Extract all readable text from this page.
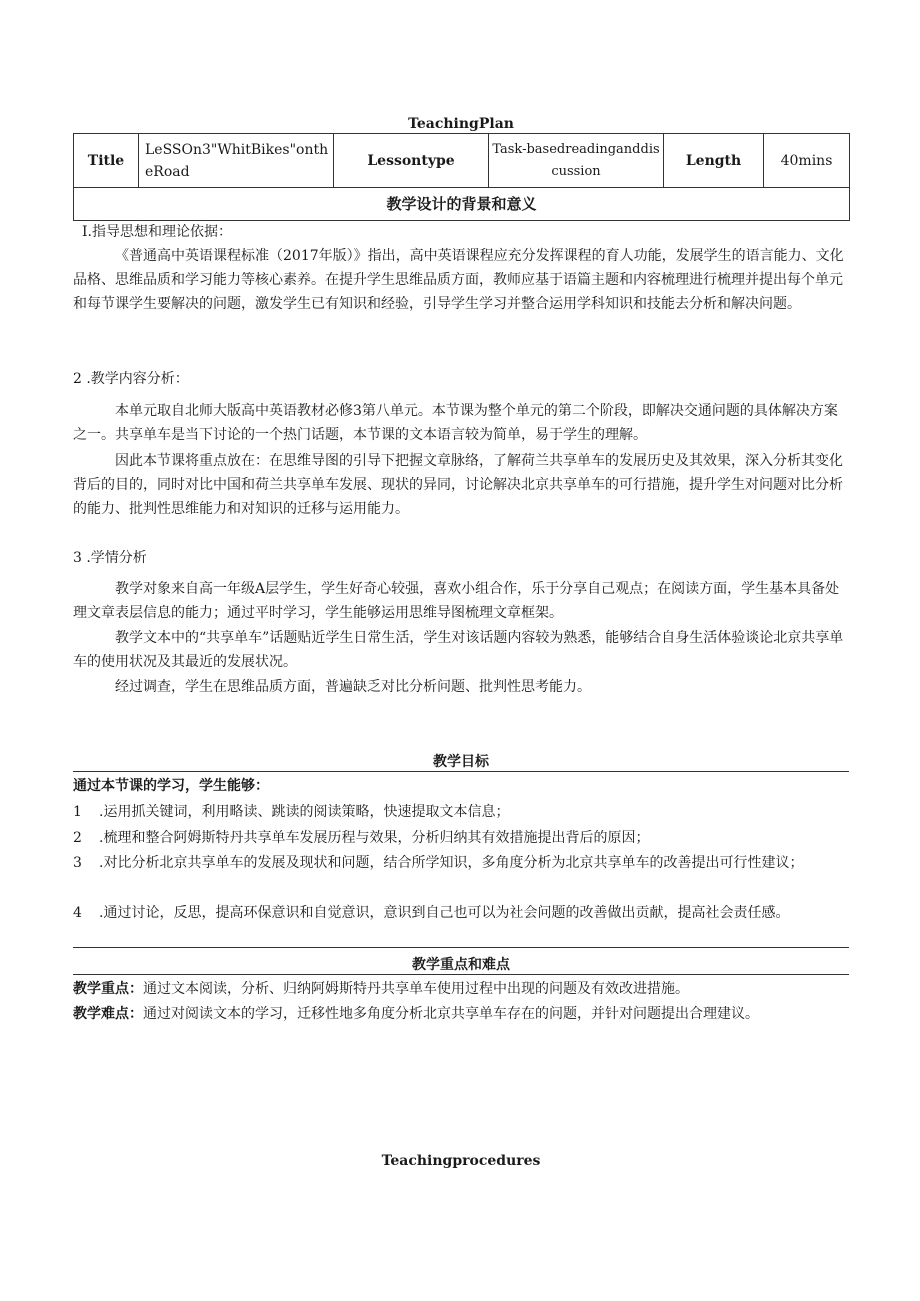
TeachingPlan
Title	LeSSOn3"WhitBikes"ontheRoad	Lessontype	Task-basedreadinganddiscussion	Length	40mins
教学设计的背景和意义
I.指导思想和理论依据：
《普通高中英语课程标准（2017年版）》指出，高中英语课程应充分发挥课程的育人功能，发展学生的语言能力、文化品格、思维品质和学习能力等核心素养。在提升学生思维品质方面，教师应基于语篇主题和内容梳理进行梳理并提出每个单元和每节课学生要解决的问题，激发学生已有知识和经验，引导学生学习并整合运用学科知识和技能去分析和解决问题。
2 .教学内容分析：
本单元取自北师大版高中英语教材必修3第八单元。本节课为整个单元的第二个阶段，即解决交通问题的具体解决方案之一。共享单车是当下讨论的一个热门话题，本节课的文本语言较为简单，易于学生的理解。
因此本节课将重点放在：在思维导图的引导下把握文章脉络，了解荷兰共享单车的发展历史及其效果，深入分析其变化背后的目的，同时对比中国和荷兰共享单车发展、现状的异同，讨论解决北京共享单车的可行措施，提升学生对问题对比分析的能力、批判性思维能力和对知识的迁移与运用能力。
3 .学情分析
教学对象来自高一年级A层学生，学生好奇心较强，喜欢小组合作，乐于分享自己观点；在阅读方面，学生基本具备处理文章表层信息的能力；通过平时学习，学生能够运用思维导图梳理文章框架。
教学文本中的“共享单车”话题贴近学生日常生活，学生对该话题内容较为熟悉，能够结合自身生活体验谈论北京共享单车的使用状况及其最近的发展状况。
经过调查，学生在思维品质方面，普遍缺乏对比分析问题、批判性思考能力。
教学目标
通过本节课的学习，学生能够：
1 .运用抓关键词，利用略读、跳读的阅读策略，快速提取文本信息；
2 .梳理和整合阿姆斯特丹共享单车发展历程与效果，分析归纳其有效措施提出背后的原因；
3 .对比分析北京共享单车的发展及现状和问题，结合所学知识，多角度分析为北京共享单车的改善提出可行性建议；
4 .通过讨论，反思，提高环保意识和自觉意识，意识到自己也可以为社会问题的改善做出贡献，提高社会责任感。
教学重点和难点
教学重点：通过文本阅读，分析、归纳阿姆斯特丹共享单车使用过程中出现的问题及有效改进措施。
教学难点：通过对阅读文本的学习，迁移性地多角度分析北京共享单车存在的问题，并针对问题提出合理建议。
Teachingprocedures
